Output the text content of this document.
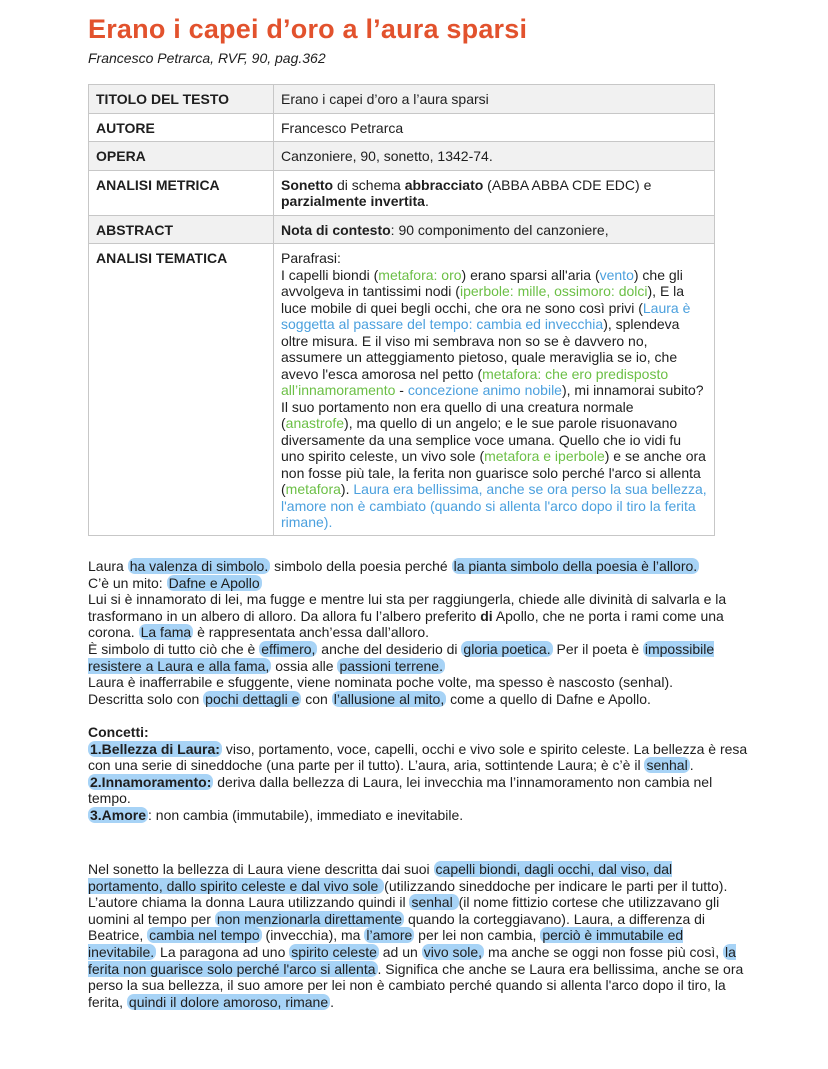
Erano i capei d’oro a l’aura sparsi
Francesco Petrarca, RVF, 90, pag.362
TITOLO DEL TESTO	Erano i capei d’oro a l’aura sparsi
AUTORE	Francesco Petrarca
OPERA	Canzoniere, 90, sonetto, 1342-74.
ANALISI METRICA	Sonetto di schema abbracciato (ABBA ABBA CDE EDC) e parzialmente invertita.
ABSTRACT	Nota di contesto: 90 componimento del canzoniere,
ANALISI TEMATICA	Parafrasi:
I capelli biondi (metafora: oro) erano sparsi all'aria (vento) che gli avvolgeva in tantissimi nodi (iperbole: mille, ossimoro: dolci), E la luce mobile di quei begli occhi, che ora ne sono così privi (Laura è soggetta al passare del tempo: cambia ed invecchia), splendeva oltre misura. E il viso mi sembrava non so se è davvero no, assumere un atteggiamento pietoso, quale meraviglia se io, che avevo l'esca amorosa nel petto (metafora: che ero predisposto all’innamoramento - concezione animo nobile), mi innamorai subito? Il suo portamento non era quello di una creatura normale (anastrofe), ma quello di un angelo; e le sue parole risuonavano diversamente da una semplice voce umana. Quello che io vidi fu uno spirito celeste, un vivo sole (metafora e iperbole) e se anche ora non fosse più tale, la ferita non guarisce solo perché l'arco si allenta (metafora). Laura era bellissima, anche se ora perso la sua bellezza, l'amore non è cambiato (quando si allenta l'arco dopo il tiro la ferita rimane).

Laura ha valenza di simbolo. simbolo della poesia perché la pianta simbolo della poesia è l’alloro.

C’è un mito: Dafne e Apollo

Lui si è innamorato di lei, ma fugge e mentre lui sta per raggiungerla, chiede alle divinità di salvarla e la trasformano in un albero di alloro. Da allora fu l’albero preferito di Apollo, che ne porta i rami come una corona. La fama è rappresentata anch’essa dall’alloro.

È simbolo di tutto ciò che è effimero, anche del desiderio di gloria poetica. Per il poeta è impossibile resistere a Laura e alla fama, ossia alle passioni terrene.

Laura è inafferrabile e sfuggente, viene nominata poche volte, ma spesso è nascosto (senhal).

Descritta solo con pochi dettagli e con l’allusione al mito, come a quello di Dafne e Apollo.

Concetti:

1.Bellezza di Laura: viso, portamento, voce, capelli, occhi e vivo sole e spirito celeste. La bellezza è resa con una serie di sineddoche (una parte per il tutto). L’aura, aria, sottintende Laura; è c’è il senhal .

2.Innamoramento: deriva dalla bellezza di Laura, lei invecchia ma l’innamoramento non cambia nel tempo.

3.Amore : non cambia (immutabile), immediato e inevitabile.

Nel sonetto la bellezza di Laura viene descritta dai suoi capelli biondi, dagli occhi, dal viso, dal portamento, dallo spirito celeste e dal vivo sole (utilizzando sineddoche per indicare le parti per il tutto). L’autore chiama la donna Laura utilizzando quindi il senhal (il nome fittizio cortese che utilizzavano gli uomini al tempo per non menzionarla direttamente quando la corteggiavano). Laura, a differenza di Beatrice, cambia nel tempo (invecchia), ma l’amore per lei non cambia, perciò è immutabile ed inevitabile. La paragona ad uno spirito celeste ad un vivo sole, ma anche se oggi non fosse più così, la ferita non guarisce solo perché l'arco si allenta . Significa che anche se Laura era bellissima, anche se ora perso la sua bellezza, il suo amore per lei non è cambiato perché quando si allenta l'arco dopo il tiro, la ferita, quindi il dolore amoroso, rimane .
